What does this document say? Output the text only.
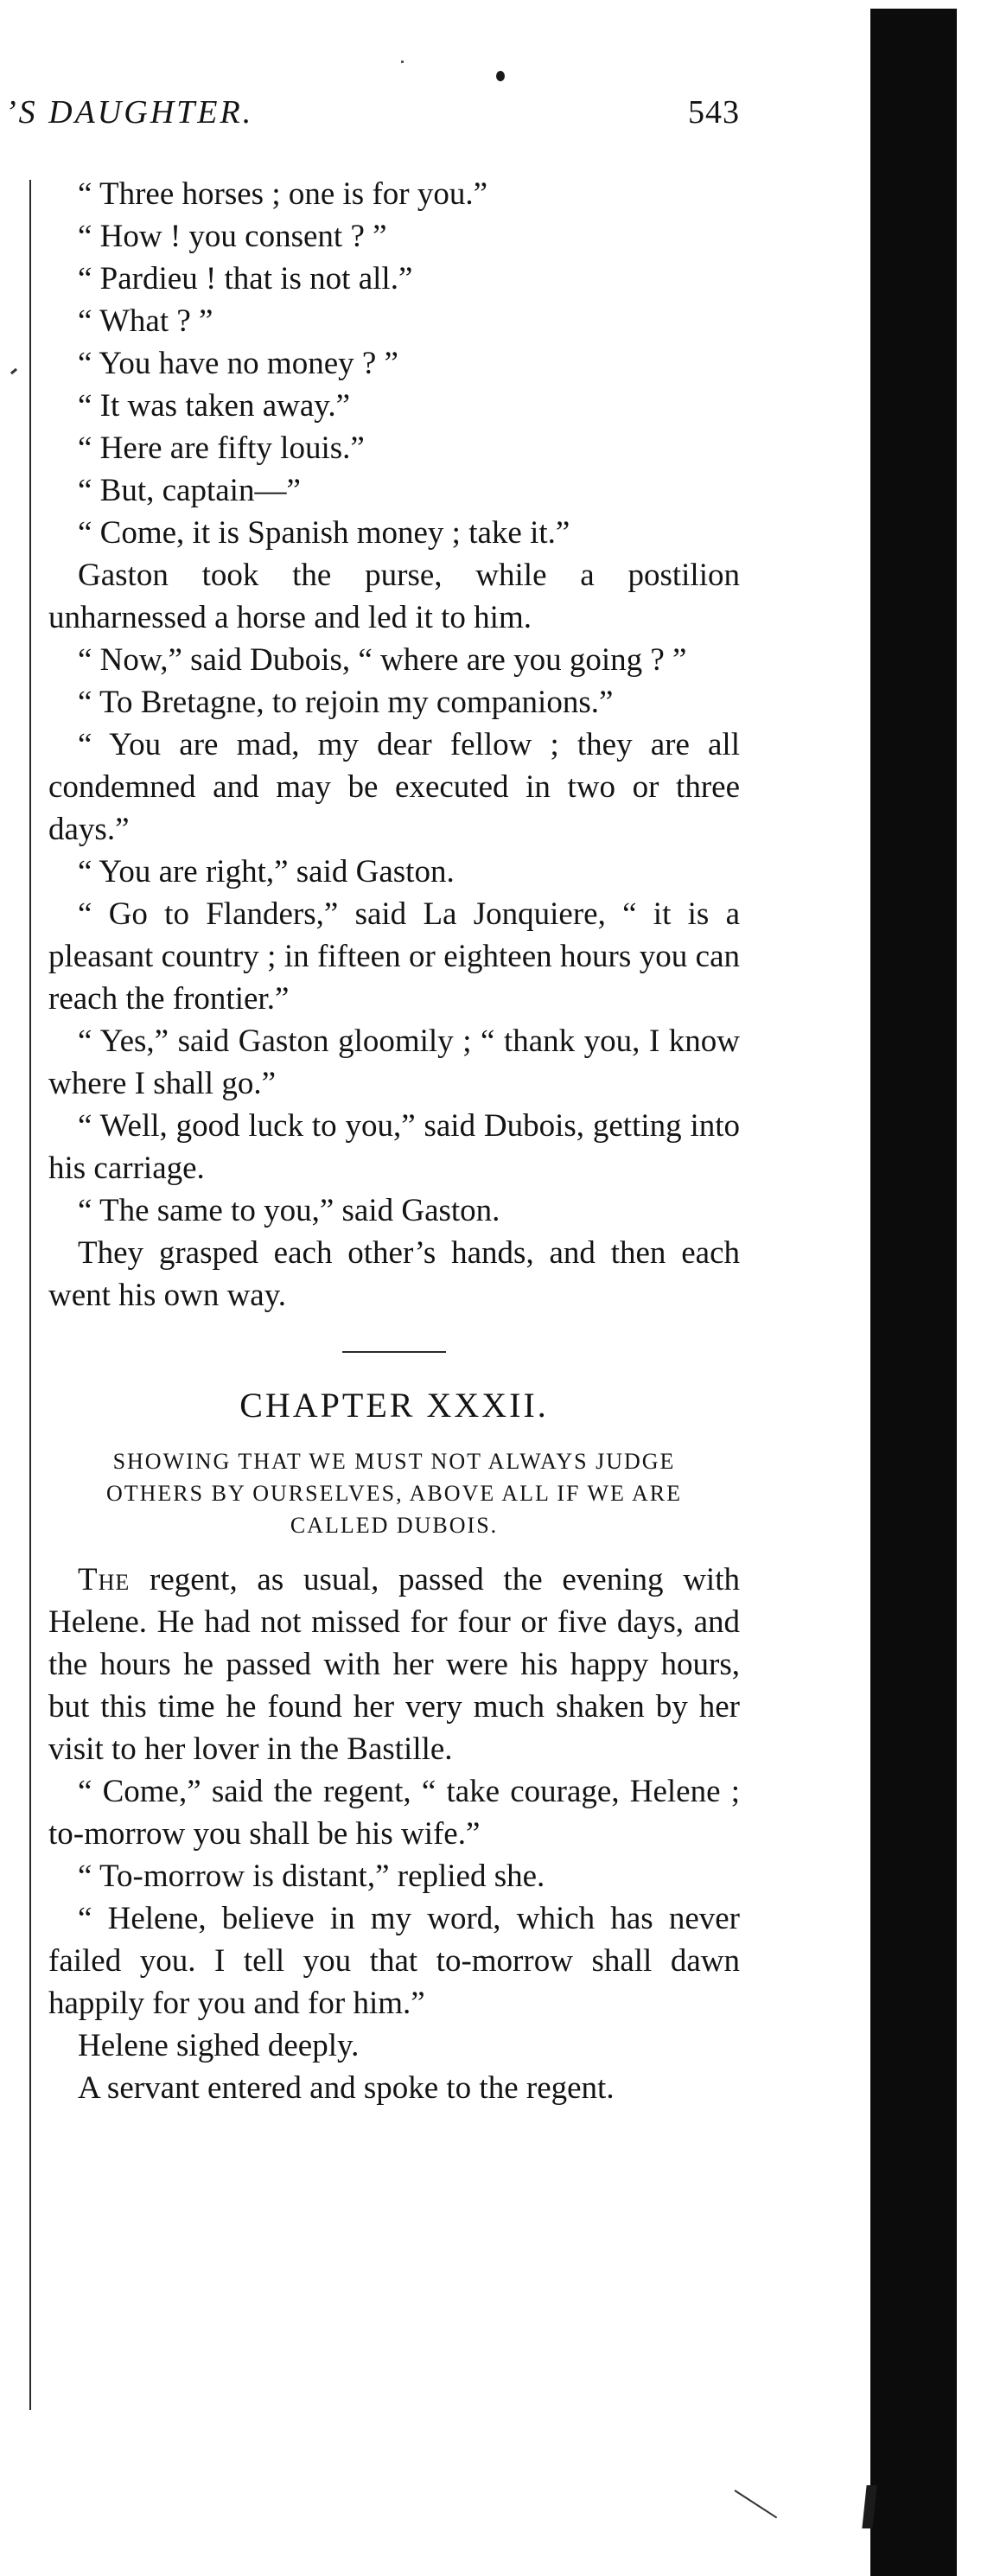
’S DAUGHTER.	543

“ Three horses ; one is for you.”

“ How ! you consent ? ”

“ Pardieu ! that is not all.”

“ What ? ”

“ You have no money ? ”

“ It was taken away.”

“ Here are fifty louis.”

“ But, captain—”

“ Come, it is Spanish money ; take it.”

Gaston took the purse, while a postilion unharnessed a horse and led it to him.

“ Now,” said Dubois, “ where are you going ? ”

“ To Bretagne, to rejoin my companions.”

“ You are mad, my dear fellow ; they are all condemned and may be executed in two or three days.”

“ You are right,” said Gaston.

“ Go to Flanders,” said La Jonquiere, “ it is a pleasant country ; in fifteen or eighteen hours you can reach the frontier.”

“ Yes,” said Gaston gloomily ; “ thank you, I know where I shall go.”

“ Well, good luck to you,” said Dubois, getting into his carriage.

“ The same to you,” said Gaston.

They grasped each other’s hands, and then each went his own way.

CHAPTER XXXII.
SHOWING THAT WE MUST NOT ALWAYS JUDGE OTHERS BY OURSELVES, ABOVE ALL IF WE ARE CALLED DUBOIS.

The regent, as usual, passed the evening with Helene. He had not missed for four or five days, and the hours he passed with her were his happy hours, but this time he found her very much shaken by her visit to her lover in the Bastille.

“ Come,” said the regent, “ take courage, Helene ; to-morrow you shall be his wife.”

“ To-morrow is distant,” replied she.

“ Helene, believe in my word, which has never failed you. I tell you that to-morrow shall dawn happily for you and for him.”

Helene sighed deeply.

A servant entered and spoke to the regent.
